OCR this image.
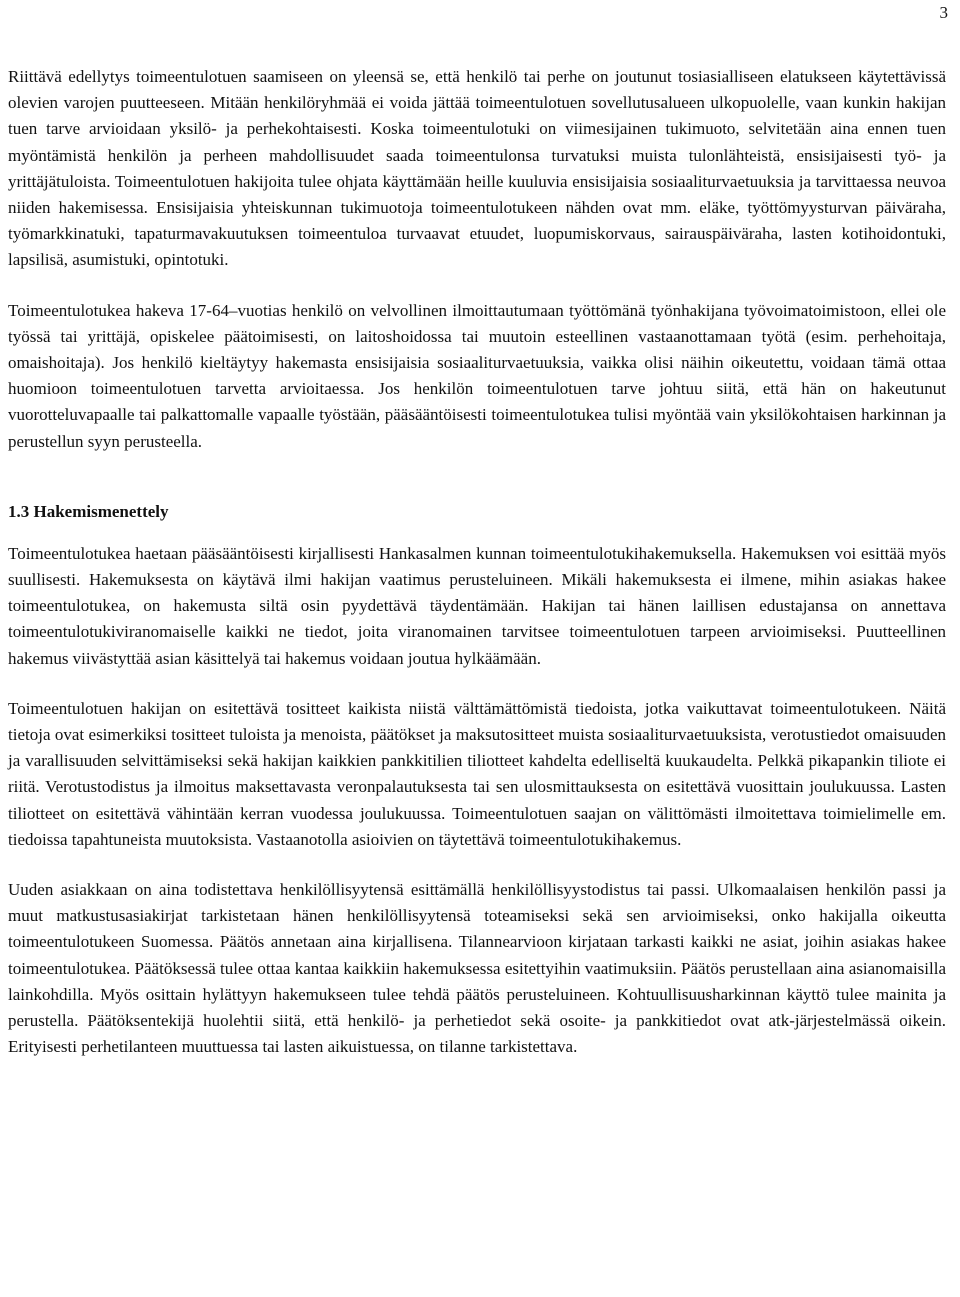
3

Riittävä edellytys toimeentulotuen saamiseen on yleensä se, että henkilö tai perhe on joutunut tosiasialliseen elatukseen käytettävissä olevien varojen puutteeseen. Mitään henkilöryhmää ei voida jättää toimeentulotuen sovellutusalueen ulkopuolelle, vaan kunkin hakijan tuen tarve arvioidaan yksilö- ja perhekohtaisesti. Koska toimeentulotuki on viimesijainen tukimuoto, selvitetään aina ennen tuen myöntämistä henkilön ja perheen mahdollisuudet saada toimeentulonsa turvatuksi muista tulonlähteistä, ensisijaisesti työ- ja yrittäjätuloista. Toimeentulotuen hakijoita tulee ohjata käyttämään heille kuuluvia ensisijaisia sosiaaliturvaetuuksia ja tarvittaessa neuvoa niiden hakemisessa. Ensisijaisia yhteiskunnan tukimuotoja toimeentulotukeen nähden ovat mm. eläke, työttömyysturvan päiväraha, työmarkkinatuki, tapaturmavakuutuksen toimeentuloa turvaavat etuudet, luopumiskorvaus, sairauspäiväraha, lasten kotihoidontuki, lapsilisä, asumistuki, opintotuki.

Toimeentulotukea hakeva 17-64–vuotias henkilö on velvollinen ilmoittautumaan työttömänä työnhakijana työvoimatoimistoon, ellei ole työssä tai yrittäjä, opiskelee päätoimisesti, on laitoshoidossa tai muutoin esteellinen vastaanottamaan työtä (esim. perhehoitaja, omaishoitaja). Jos henkilö kieltäytyy hakemasta ensisijaisia sosiaaliturvaetuuksia, vaikka olisi näihin oikeutettu, voidaan tämä ottaa huomioon toimeentulotuen tarvetta arvioitaessa. Jos henkilön toimeentulotuen tarve johtuu siitä, että hän on hakeutunut vuorotteluvapaalle tai palkattomalle vapaalle työstään, pääsääntöisesti toimeentulotukea tulisi myöntää vain yksilökohtaisen harkinnan ja perustellun syyn perusteella.

1.3 Hakemismenettely

Toimeentulotukea haetaan pääsääntöisesti kirjallisesti Hankasalmen kunnan toimeentulotukihakemuksella. Hakemuksen voi esittää myös suullisesti. Hakemuksesta on käytävä ilmi hakijan vaatimus perusteluineen. Mikäli hakemuksesta ei ilmene, mihin asiakas hakee toimeentulotukea, on hakemusta siltä osin pyydettävä täydentämään. Hakijan tai hänen laillisen edustajansa on annettava toimeentulotukiviranomaiselle kaikki ne tiedot, joita viranomainen tarvitsee toimeentulotuen tarpeen arvioimiseksi. Puutteellinen hakemus viivästyttää asian käsittelyä tai hakemus voidaan joutua hylkäämään.

Toimeentulotuen hakijan on esitettävä tositteet kaikista niistä välttämättömistä tiedoista, jotka vaikuttavat toimeentulotukeen. Näitä tietoja ovat esimerkiksi tositteet tuloista ja menoista, päätökset ja maksutositteet muista sosiaaliturvaetuuksista, verotustiedot omaisuuden ja varallisuuden selvittämiseksi sekä hakijan kaikkien pankkitilien tiliotteet kahdelta edelliseltä kuukaudelta. Pelkkä pikapankin tiliote ei riitä. Verotustodistus ja ilmoitus maksettavasta veronpalautuksesta tai sen ulosmittauksesta on esitettävä vuosittain joulukuussa. Lasten tiliotteet on esitettävä vähintään kerran vuodessa joulukuussa. Toimeentulotuen saajan on välittömästi ilmoitettava toimielimelle em. tiedoissa tapahtuneista muutoksista. Vastaanotolla asioivien on täytettävä toimeentulotukihakemus.

Uuden asiakkaan on aina todistettava henkilöllisyytensä esittämällä henkilöllisyystodistus tai passi. Ulkomaalaisen henkilön passi ja muut matkustusasiakirjat tarkistetaan hänen henkilöllisyytensä toteamiseksi sekä sen arvioimiseksi, onko hakijalla oikeutta toimeentulotukeen Suomessa. Päätös annetaan aina kirjallisena. Tilannearvioon kirjataan tarkasti kaikki ne asiat, joihin asiakas hakee toimeentulotukea. Päätöksessä tulee ottaa kantaa kaikkiin hakemuksessa esitettyihin vaatimuksiin. Päätös perustellaan aina asianomaisilla lainkohdilla. Myös osittain hylättyyn hakemukseen tulee tehdä päätös perusteluineen. Kohtuullisuusharkinnan käyttö tulee mainita ja perustella. Päätöksentekijä huolehtii siitä, että henkilö- ja perhetiedot sekä osoite- ja pankkitiedot ovat atk-järjestelmässä oikein. Erityisesti perhetilanteen muuttuessa tai lasten aikuistuessa, on tilanne tarkistettava.
